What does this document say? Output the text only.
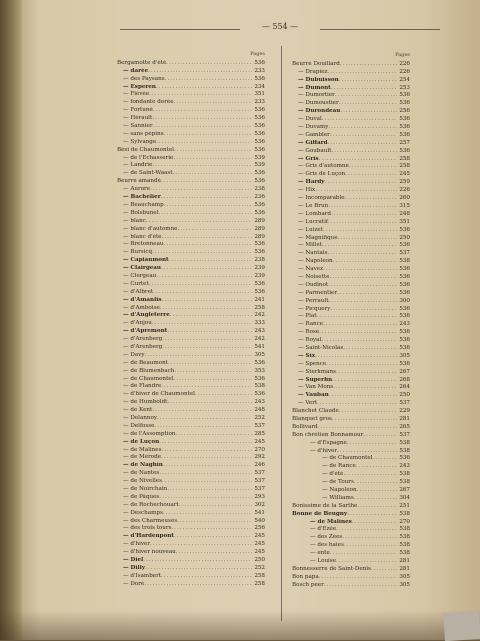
— 554 —
Pages
Bergamotte d'été .....	536
— darée .....	233
— des Paysans .....	536
— Esperen .....	234
— Fiévée .....	351
— fondante dorée .....	233
— Fortuné .....	536
— Hérault .....	536
— Sannier .....	536
— sans pépins .....	536
— Sylvange .....	536
Bési de Chaumontel .....	536
— de l'Echasserie .....	539
— Landrie .....	539
— de Saint-Waast .....	536
Beurré amandé .....	536
— Aurore .....	238
— Bachelier .....	236
— Beauchamp .....	536
— Bolsbunel .....	536
— blanc .....	289
— blanc d'automne .....	289
— blanc d'été .....	289
— Bretonneau .....	536
— Bursicq .....	536
— Capiaumont .....	238
— Clairgeau .....	239
— Clergeau .....	239
— Curtet .....	536
— d'Albret .....	536
— d'Amanlis .....	241
— d'Amboise .....	258
— d'Angleterre .....	242
— d'Anjou .....	333
— d'Apremont .....	243
— d'Arenberg .....	242
— d'Arenberg .....	541
— Davy .....	305
— de Beaumont .....	536
— de Blumenbach .....	353
— de Chaumontel .....	536
— de Flandre .....	538
— d'hiver de Chaumontel .....	536
— de Humboldt .....	243
— de Kent .....	248
— Delannoy .....	252
— Delfosse .....	537
— de l'Assomption .....	285
— de Luçon .....	245
— de Malines .....	270
— de Mérode .....	292
— de Naghin .....	246
— de Nantes .....	537
— de Nivelles .....	537
— de Noirchain .....	537
— de Pâques .....	293
— de Rochechouart .....	302
— Deschamps .....	541
— des Charmeuses .....	540
— des trois tours .....	256
— d'Hardenpont .....	245
— d'hiver .....	245
— d'hiver nouveau .....	245
— Diel .....	250
— Dilly .....	252
— d'Isambert .....	258
— Doré .....	258
Pages
Beurré Douillard .....	226
— Drapiez .....	226
— Dubuisson .....	254
— Dumont .....	253
— Dumortier .....	536
— Dumoustier .....	536
— Durondeau .....	256
— Duval .....	536
— Duvamy .....	536
— Gambler .....	536
— Giffard .....	257
— Goubault .....	536
— Gris .....	258
— Gris d'automne .....	258
— Gris de Luçon .....	245
— Hardy .....	259
— Hix .....	226
— Incomparable .....	260
— Le Brun .....	315
— Lombard .....	248
— Lucratif .....	351
— Luizet .....	536
— Magnifique .....	250
— Millet .....	536
— Nantais .....	537
— Napoléon .....	538
— Navez .....	536
— Noisette .....	536
— Oudinot .....	536
— Parmentier .....	536
— Perrault .....	300
— Picquery .....	536
— Plat .....	536
— Rance .....	243
— Rose .....	536
— Royal .....	536
— Saint-Nicolas .....	536
— Six .....	305
— Spence .....	536
— Sterkmans .....	267
— Superfin .....	268
— Van Mons .....	264
— Vauban .....	250
— Vert .....	537
Blanchet Claude .....	229
Blanquet gros .....	281
Bollivard .....	265
Bon chrétien Bonnamour .....	537
— d'Espagne .....	538
— d'hiver .....	538
— de Chaumontel .....	536
— de Rance .....	243
— d'été .....	538
— de Tours .....	538
— Napoléon .....	267
— Williams .....	304
Bonissime de la Sarthe .....	251
Bonne de Beugny .....	538
— de Malines .....	270
— d'Ezée .....	538
— des Zées .....	538
— des haies .....	538
— ente .....	538
— Louise .....	281
Bonnesserre de Saint-Denis .....	281
Bon papa .....	305
Bosch peer .....	305
